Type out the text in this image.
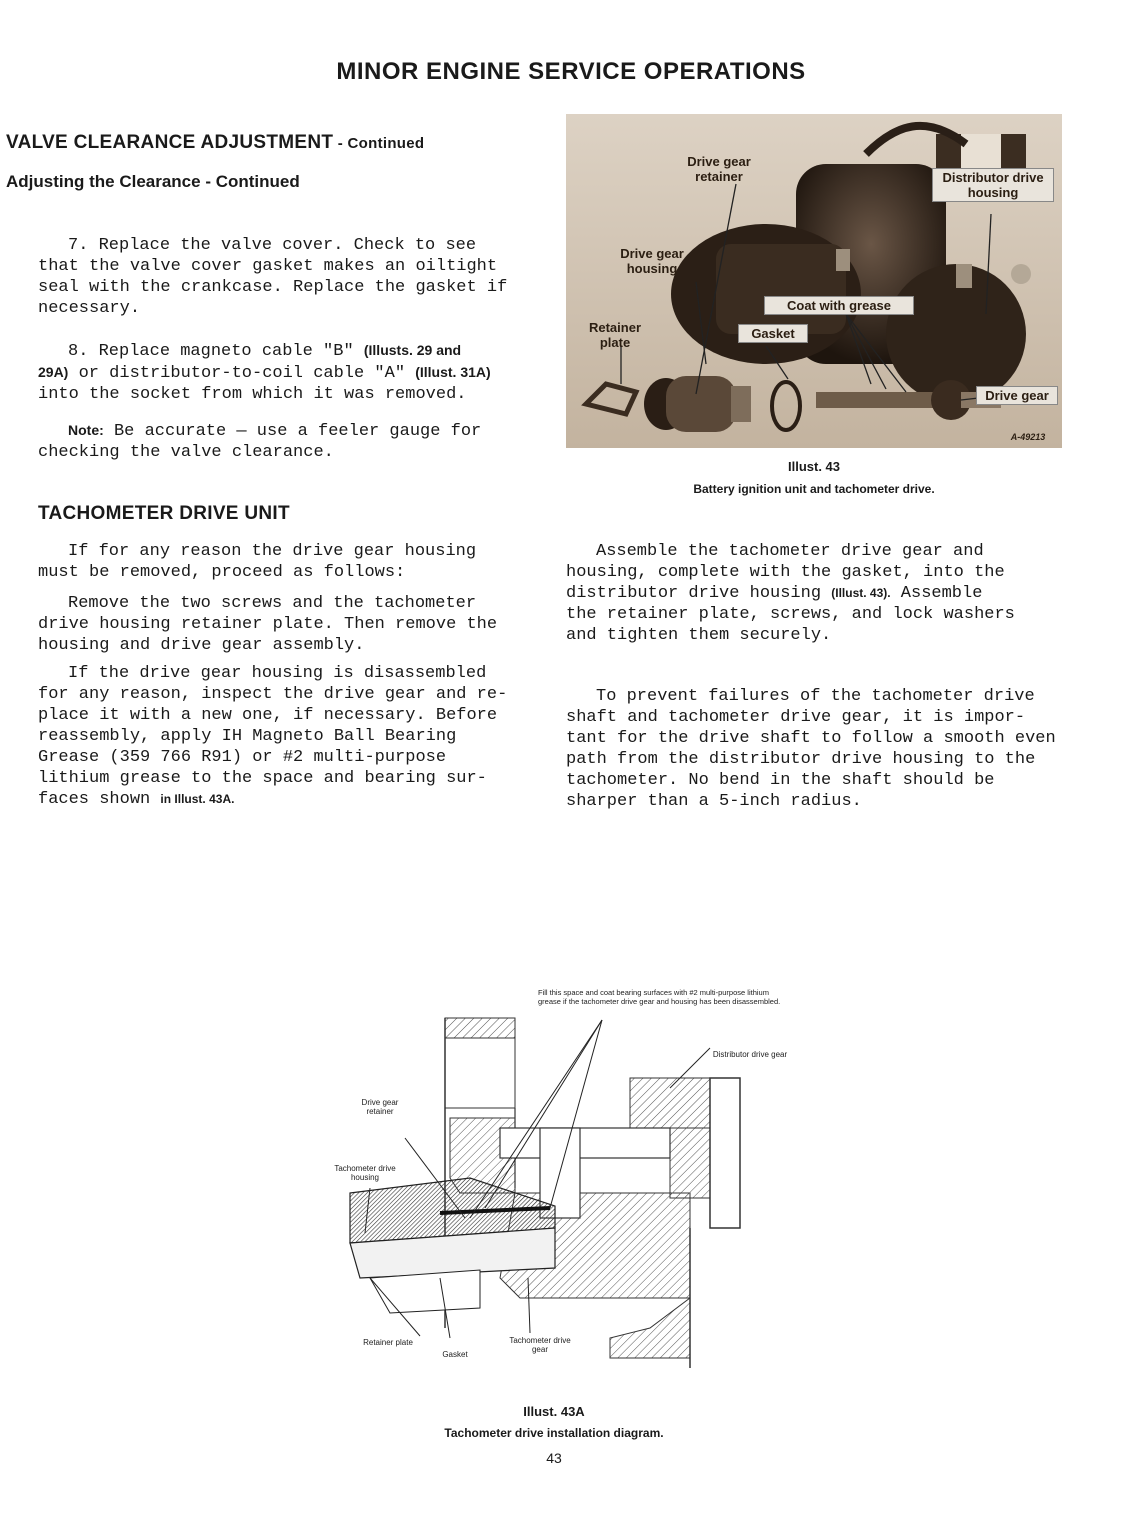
MINOR ENGINE SERVICE OPERATIONS
VALVE CLEARANCE ADJUSTMENT - Continued
Adjusting the Clearance - Continued

7. Replace the valve cover. Check to see

that the valve cover gasket makes an oiltight

seal with the crankcase. Replace the gasket if

necessary.

8. Replace magneto cable "B" (Illusts. 29 and

29A) or distributor-to-coil cable "A" (Illust. 31A)

into the socket from which it was removed.

Note: Be accurate — use a feeler gauge for

checking the valve clearance.

TACHOMETER DRIVE UNIT

If for any reason the drive gear housing

must be removed, proceed as follows:

Remove the two screws and the tachometer

drive housing retainer plate. Then remove the

housing and drive gear assembly.

If the drive gear housing is disassembled

for any reason, inspect the drive gear and re-

place it with a new one, if necessary. Before

reassembly, apply IH Magneto Ball Bearing

Grease (359 766 R91) or #2 multi-purpose

lithium grease to the space and bearing sur-

faces shown in Illust. 43A.

Drive gear retainer	Distributor drive housing
Drive gear housing
Coat with grease
Gasket
Retainer plate
Drive gear
A-49213
Illust. 43
Battery ignition unit and tachometer drive.

Assemble the tachometer drive gear and

housing, complete with the gasket, into the

distributor drive housing (Illust. 43). Assemble

the retainer plate, screws, and lock washers

and tighten them securely.

To prevent failures of the tachometer drive

shaft and tachometer drive gear, it is impor-

tant for the drive shaft to follow a smooth even

path from the distributor drive housing to the

tachometer. No bend in the shaft should be

sharper than a 5-inch radius.

Fill this space and coat bearing surfaces with #2 multi-purpose lithium grease if the tachometer drive gear and housing has been disassembled.
Distributor drive gear
Drive gear retainer
Tachometer drive housing
Retainer plate
Gasket
Tachometer drive gear
Illust. 43A
Tachometer drive installation diagram.
43
